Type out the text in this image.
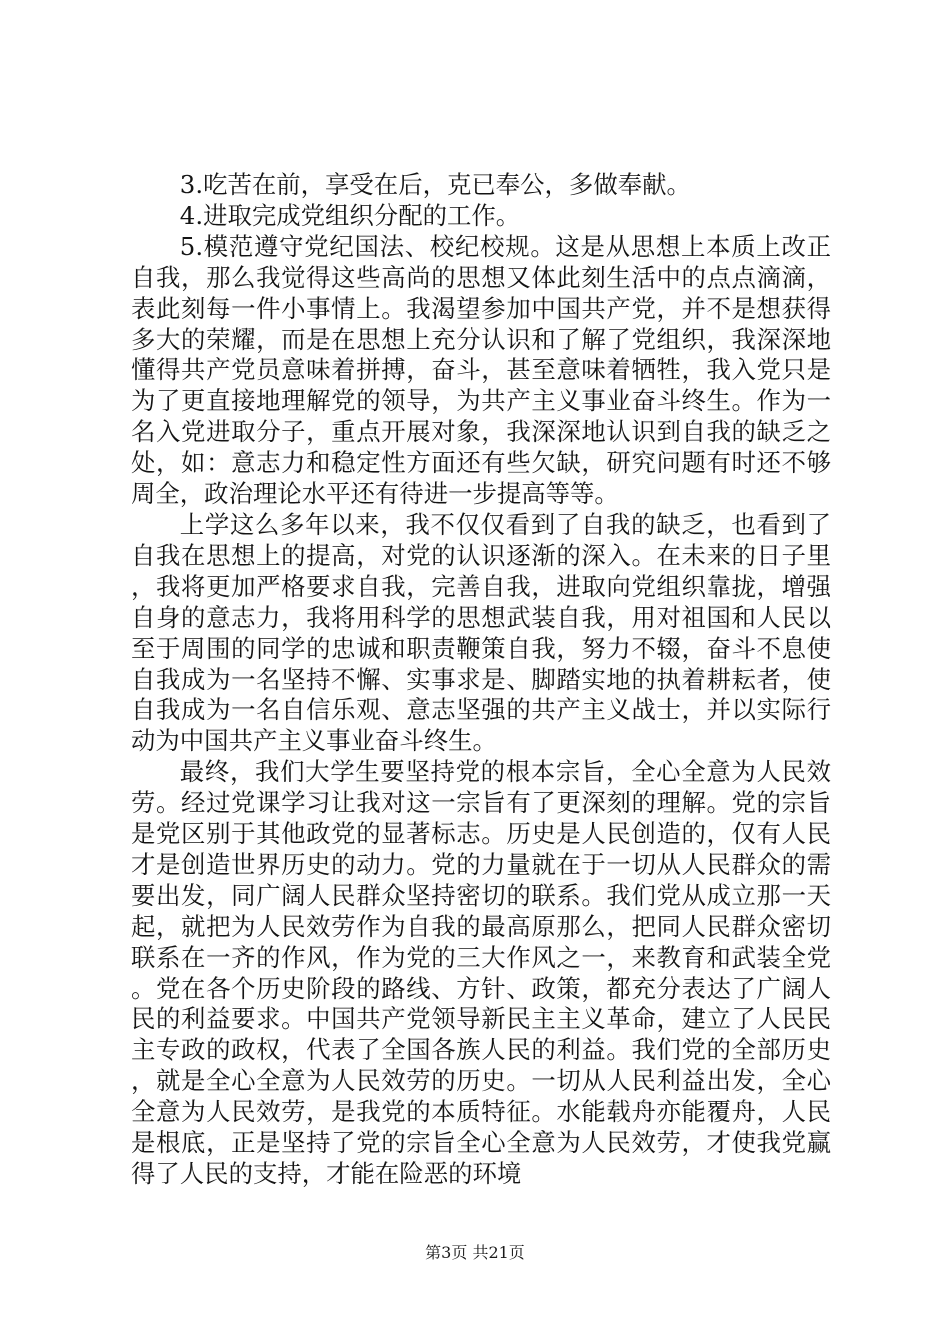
3.吃苦在前，享受在后，克已奉公，多做奉献。

4.进取完成党组织分配的工作。

5.模范遵守党纪国法、校纪校规。这是从思想上本质上改正自我，那么我觉得这些高尚的思想又体此刻生活中的点点滴滴，表此刻每一件小事情上。我渴望参加中国共产党，并不是想获得多大的荣耀，而是在思想上充分认识和了解了党组织，我深深地懂得共产党员意味着拼搏，奋斗，甚至意味着牺牲，我入党只是为了更直接地理解党的领导，为共产主义事业奋斗终生。作为一名入党进取分子，重点开展对象，我深深地认识到自我的缺乏之处，如：意志力和稳定性方面还有些欠缺，研究问题有时还不够周全，政治理论水平还有待进一步提高等等。

上学这么多年以来，我不仅仅看到了自我的缺乏，也看到了自我在思想上的提高，对党的认识逐渐的深入。在未来的日子里，我将更加严格要求自我，完善自我，进取向党组织靠拢，增强自身的意志力，我将用科学的思想武装自我，用对祖国和人民以至于周围的同学的忠诚和职责鞭策自我，努力不辍，奋斗不息使自我成为一名坚持不懈、实事求是、脚踏实地的执着耕耘者，使自我成为一名自信乐观、意志坚强的共产主义战士，并以实际行动为中国共产主义事业奋斗终生。

最终，我们大学生要坚持党的根本宗旨，全心全意为人民效劳。经过党课学习让我对这一宗旨有了更深刻的理解。党的宗旨是党区别于其他政党的显著标志。历史是人民创造的，仅有人民才是创造世界历史的动力。党的力量就在于一切从人民群众的需要出发，同广阔人民群众坚持密切的联系。我们党从成立那一天起，就把为人民效劳作为自我的最高原那么，把同人民群众密切联系在一齐的作风，作为党的三大作风之一，来教育和武装全党。党在各个历史阶段的路线、方针、政策，都充分表达了广阔人民的利益要求。中国共产党领导新民主主义革命，建立了人民民主专政的政权，代表了全国各族人民的利益。我们党的全部历史，就是全心全意为人民效劳的历史。一切从人民利益出发，全心全意为人民效劳，是我党的本质特征。水能载舟亦能覆舟，人民是根底，正是坚持了党的宗旨全心全意为人民效劳，才使我党赢得了人民的支持，才能在险恶的环境

第3页 共21页
